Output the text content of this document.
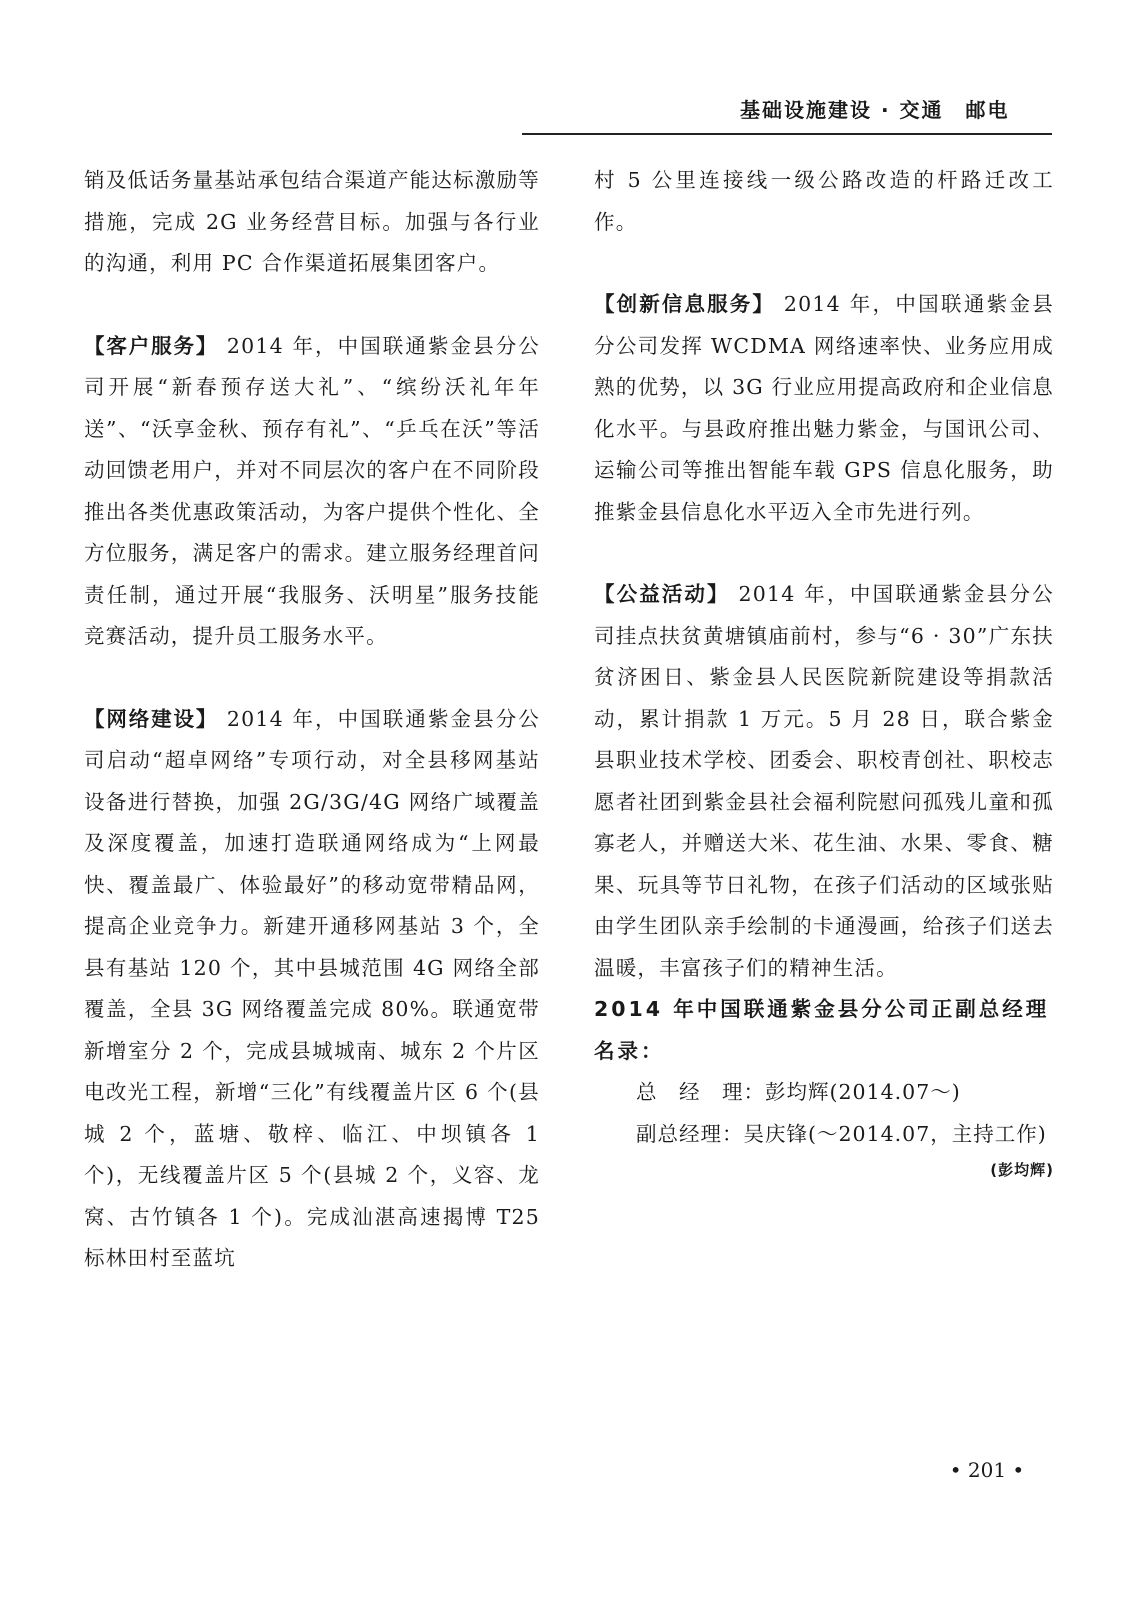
基础设施建设 · 交通　邮电

销及低话务量基站承包结合渠道产能达标激励等措施，完成 2G 业务经营目标。加强与各行业的沟通，利用 PC 合作渠道拓展集团客户。

【客户服务】 2014 年，中国联通紫金县分公司开展“新春预存送大礼”、“缤纷沃礼年年送”、“沃享金秋、预存有礼”、“乒乓在沃”等活动回馈老用户，并对不同层次的客户在不同阶段推出各类优惠政策活动，为客户提供个性化、全方位服务，满足客户的需求。建立服务经理首问责任制，通过开展“我服务、沃明星”服务技能竞赛活动，提升员工服务水平。

【网络建设】 2014 年，中国联通紫金县分公司启动“超卓网络”专项行动，对全县移网基站设备进行替换，加强 2G/3G/4G 网络广域覆盖及深度覆盖，加速打造联通网络成为“上网最快、覆盖最广、体验最好”的移动宽带精品网，提高企业竞争力。新建开通移网基站 3 个，全县有基站 120 个，其中县城范围 4G 网络全部覆盖，全县 3G 网络覆盖完成 80%。联通宽带新增室分 2 个，完成县城城南、城东 2 个片区电改光工程，新增“三化”有线覆盖片区 6 个(县城 2 个，蓝塘、敬梓、临江、中坝镇各 1 个)，无线覆盖片区 5 个(县城 2 个，义容、龙窝、古竹镇各 1 个)。完成汕湛高速揭博 T25 标林田村至蓝坑

村 5 公里连接线一级公路改造的杆路迁改工作。

【创新信息服务】 2014 年，中国联通紫金县分公司发挥 WCDMA 网络速率快、业务应用成熟的优势，以 3G 行业应用提高政府和企业信息化水平。与县政府推出魅力紫金，与国讯公司、运输公司等推出智能车载 GPS 信息化服务，助推紫金县信息化水平迈入全市先进行列。

【公益活动】 2014 年，中国联通紫金县分公司挂点扶贫黄塘镇庙前村，参与“6 · 30”广东扶贫济困日、紫金县人民医院新院建设等捐款活动，累计捐款 1 万元。5 月 28 日，联合紫金县职业技术学校、团委会、职校青创社、职校志愿者社团到紫金县社会福利院慰问孤残儿童和孤寡老人，并赠送大米、花生油、水果、零食、糖果、玩具等节日礼物，在孩子们活动的区域张贴由学生团队亲手绘制的卡通漫画，给孩子们送去温暖，丰富孩子们的精神生活。

2014 年中国联通紫金县分公司正副总经理名录：

总　经　理：彭均辉(2014.07～)

副总经理：吴庆锋(～2014.07，主持工作)

(彭均辉)
• 201 •
